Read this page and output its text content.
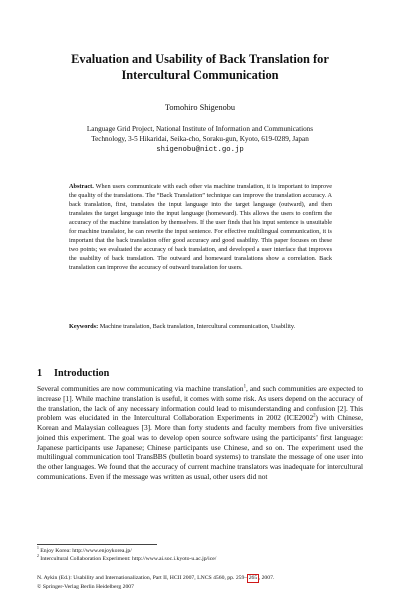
Evaluation and Usability of Back Translation for
Intercultural Communication
Tomohiro Shigenobu
Language Grid Project, National Institute of Information and Communications
Technology, 3-5 Hikaridai, Seika-cho, Soraku-gun, Kyoto, 619-0289, Japan
shigenobu@nict.go.jp
Abstract. When users communicate with each other via machine translation, it is important to improve the quality of the translations. The “Back Translation” technique can improve the translation accuracy. A back translation, first, translates the input language into the target language (outward), and then translates the target language into the input language (homeward). This allows the users to confirm the accuracy of the machine translation by themselves. If the user finds that his input sentence is unsuitable for machine translator, he can rewrite the input sentence. For effective multilingual communication, it is important that the back translation offer good accuracy and good usability. This paper focuses on these two points; we evaluated the accuracy of back translation, and developed a user interface that improves the usability of back translation. The outward and homeward translations show a correlation. Back translation can improve the accuracy of outward translation for users.
Keywords: Machine translation, Back translation, Intercultural communication, Usability.
1 Introduction

Several communities are now communicating via machine translation$^1$, and such communities are expected to increase [1]. While machine translation is useful, it comes with some risk. As users depend on the accuracy of the translation, the lack of any necessary information could lead to misunderstanding and confusion [2]. This problem was elucidated in the Intercultural Collaboration Experiments in 2002 (ICE2002$^2$) with Chinese, Korean and Malaysian colleagues [3]. More than forty students and faculty members from five universities joined this experiment. The goal was to develop open source software using the participants’ first language: Japanese participants use Japanese; Chinese participants use Chinese, and so on. The experiment used the multilingual communication tool TransBBS (bulletin board systems) to translate the message of one user into the other languages. We found that the accuracy of current machine translators was inadequate for intercultural communications. Even if the message was written as usual, other users did not

$^1$ Enjoy Korea: http://www.enjoykorea.jp/
$^2$ Intercultural Collaboration Experiment: http://www.ai.soc.i.kyoto-u.ac.jp/ice/
N. Aykin (Ed.): Usability and Internationalization, Part II, HCII 2007, LNCS 4560, pp. 259– 265 , 2007.
© Springer-Verlag Berlin Heidelberg 2007
